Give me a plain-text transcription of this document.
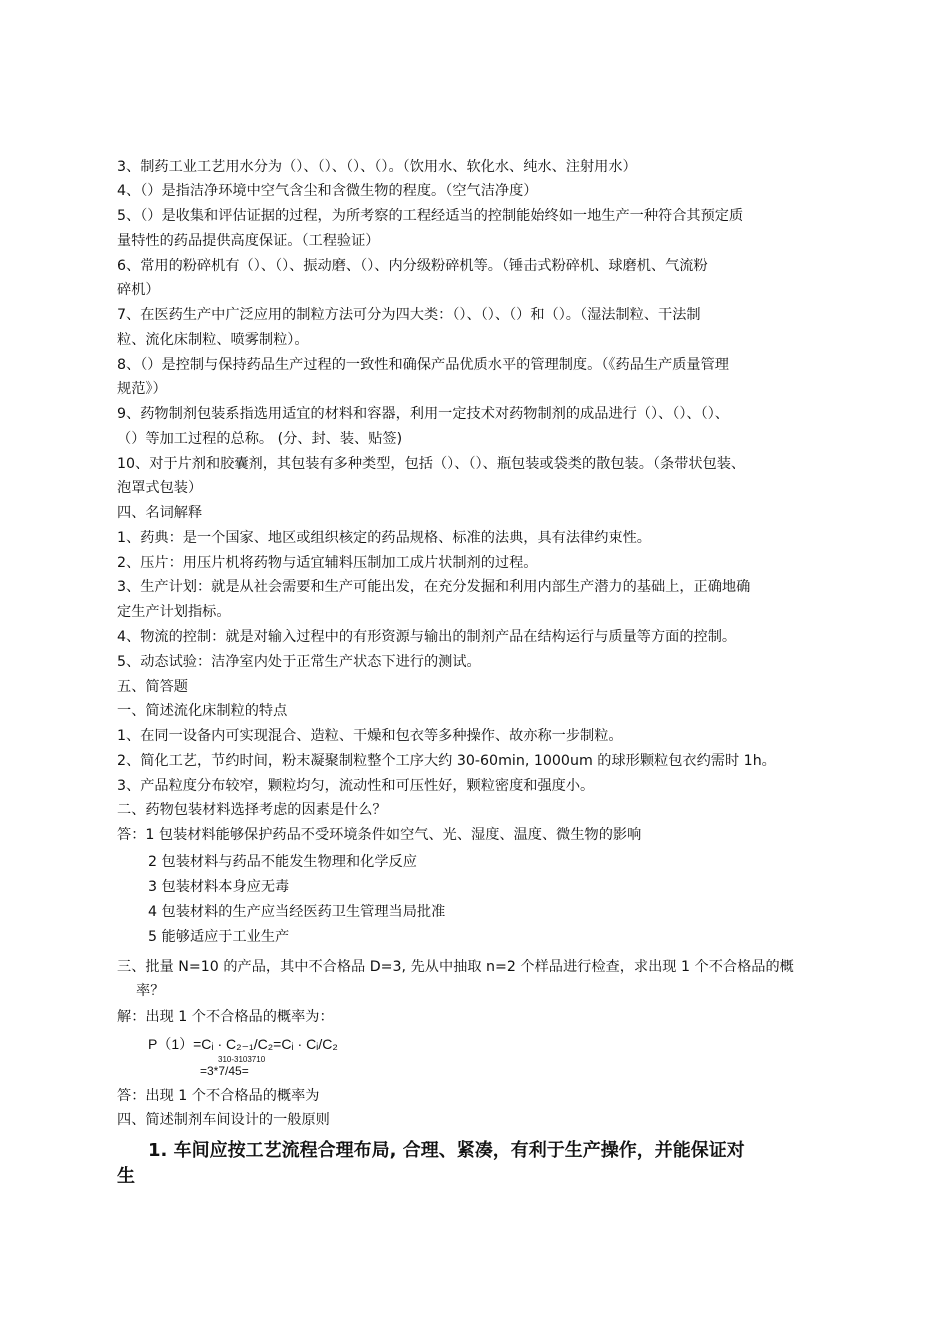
3、制药工业工艺用水分为（）、（）、（）、（）。（饮用水、软化水、纯水、注射用水）
4、（）是指洁净环境中空气含尘和含微生物的程度。（空气洁净度）
5、（）是收集和评估证据的过程，为所考察的工程经适当的控制能始终如一地生产一种符合其预定质
量特性的药品提供高度保证。（工程验证）
6、常用的粉碎机有（）、（）、振动磨、（）、内分级粉碎机等。（锤击式粉碎机、球磨机、气流粉
碎机）
7、在医药生产中广泛应用的制粒方法可分为四大类：（）、（）、（）和（）。（湿法制粒、干法制
粒、流化床制粒、喷雾制粒）。
8、（）是控制与保持药品生产过程的一致性和确保产品优质水平的管理制度。（《药品生产质量管理
规范》）
9、药物制剂包装系指选用适宜的材料和容器，利用一定技术对药物制剂的成品进行（）、（）、（）、
（）等加工过程的总称。 (分、封、装、贴签)
10、对于片剂和胶囊剂，其包装有多种类型，包括（）、（）、瓶包装或袋类的散包装。（条带状包装、
泡罩式包装）
四、名词解释
1、药典：是一个国家、地区或组织核定的药品规格、标准的法典，具有法律约束性。
2、压片：用压片机将药物与适宜辅料压制加工成片状制剂的过程。
3、生产计划：就是从社会需要和生产可能出发，在充分发掘和利用内部生产潜力的基础上，正确地确
定生产计划指标。
4、物流的控制：就是对输入过程中的有形资源与输出的制剂产品在结构运行与质量等方面的控制。
5、动态试验：洁净室内处于正常生产状态下进行的测试。
五、简答题
一、简述流化床制粒的特点
1、在同一设备内可实现混合、造粒、干燥和包衣等多种操作、故亦称一步制粒。
2、简化工艺，节约时间，粉末凝聚制粒整个工序大约 30-60min, 1000um 的球形颗粒包衣约需时 1h。
3、产品粒度分布较窄，颗粒均匀，流动性和可压性好，颗粒密度和强度小。
二、药物包装材料选择考虑的因素是什么？
答：1 包装材料能够保护药品不受环境条件如空气、光、湿度、温度、微生物的影响
2 包装材料与药品不能发生物理和化学反应
3 包装材料本身应无毒
4 包装材料的生产应当经医药卫生管理当局批准
5 能够适应于工业生产
三、批量 N=10 的产品，其中不合格品 D=3, 先从中抽取 n=2 个样品进行检查，求出现 1 个不合格品的概
率？
解：出现 1 个不合格品的概率为：
P（1）=Cᵢ · C₂₋₁/C₂=Cᵢ · Cᵢ/C₂
310-3103710
=3*7/45=
答：出现 1 个不合格品的概率为
四、简述制剂车间设计的一般原则
1. 车间应按工艺流程合理布局, 合理、紧凑，有利于生产操作，并能保证对
生
